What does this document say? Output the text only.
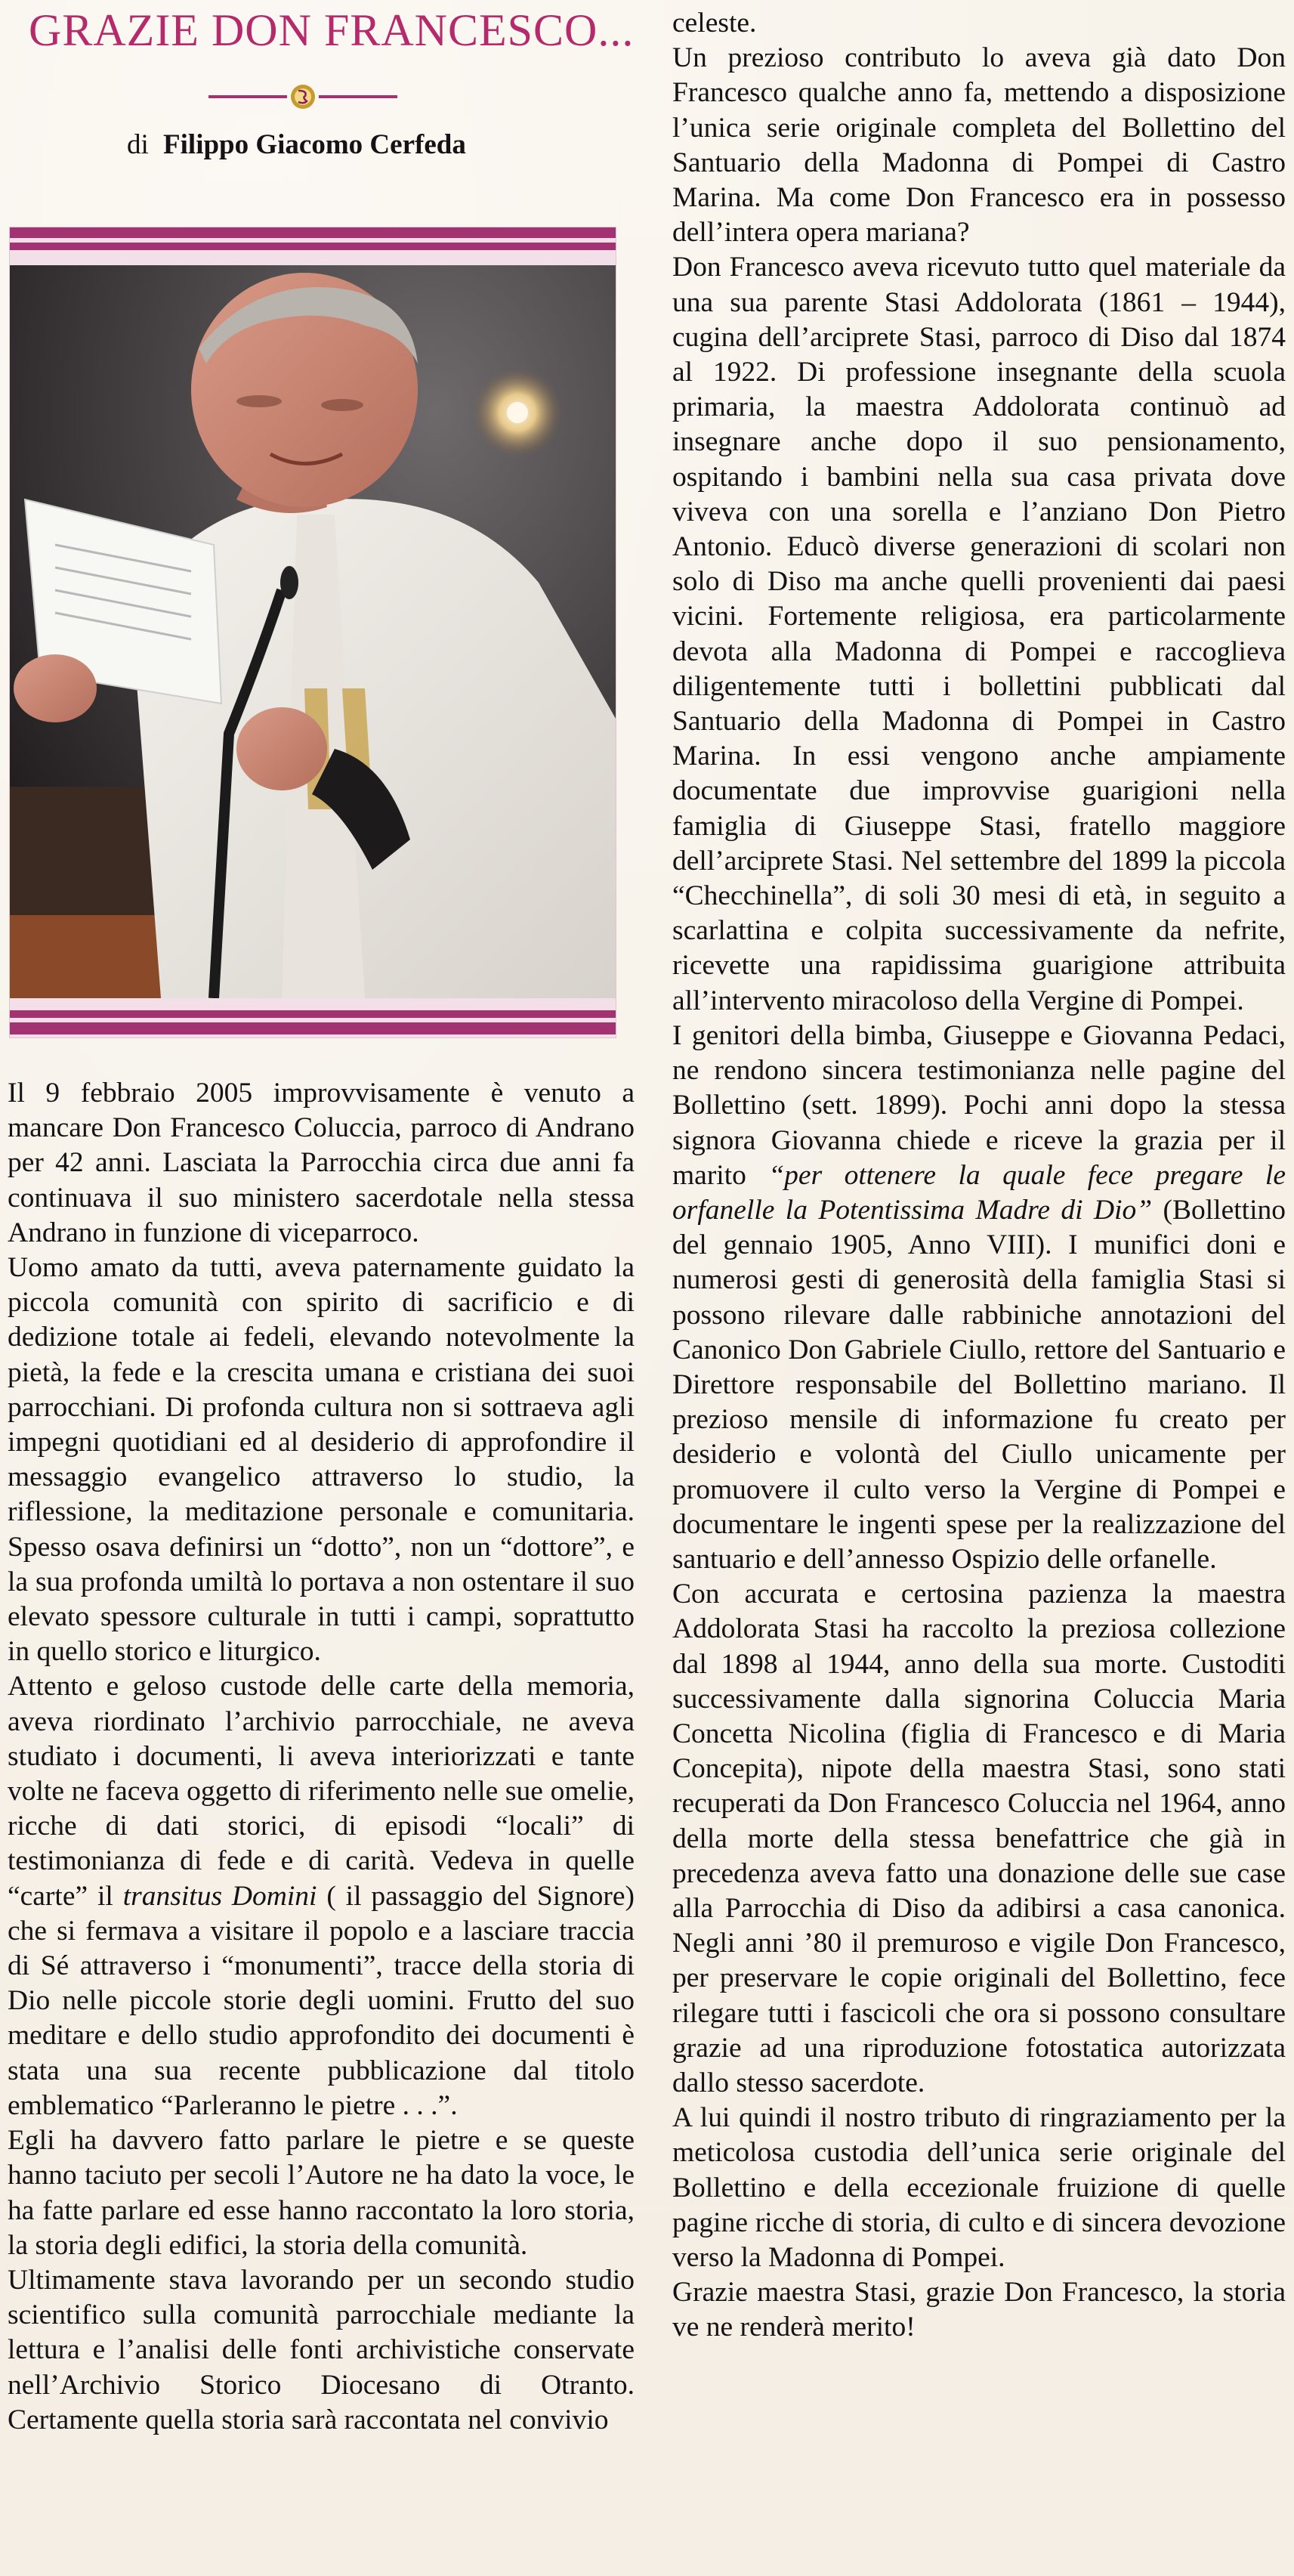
GRAZIE DON FRANCESCO...
di Filippo Giacomo Cerfeda

Il 9 febbraio 2005 improvvisamente è venuto a mancare Don Francesco Coluccia, parroco di Andrano per 42 anni. Lasciata la Parrocchia circa due anni fa continuava il suo ministero sacerdotale nella stessa Andrano in funzione di viceparroco.

Uomo amato da tutti, aveva paternamente guidato la piccola comunità con spirito di sacrificio e di dedizione totale ai fedeli, elevando notevolmente la pietà, la fede e la crescita umana e cristiana dei suoi parrocchiani. Di profonda cultura non si sottraeva agli impegni quotidiani ed al desiderio di approfondire il messaggio evangelico attraverso lo studio, la riflessione, la meditazione personale e comunitaria. Spesso osava definirsi un “dotto”, non un “dottore”, e la sua profonda umiltà lo portava a non ostentare il suo elevato spessore culturale in tutti i campi, soprattutto in quello storico e liturgico.

Attento e geloso custode delle carte della memoria, aveva riordinato l’archivio parrocchiale, ne aveva studiato i documenti, li aveva interiorizzati e tante volte ne faceva oggetto di riferimento nelle sue omelie, ricche di dati storici, di episodi “locali” di testimonianza di fede e di carità. Vedeva in quelle “carte” il transitus Domini ( il passaggio del Signore) che si fermava a visitare il popolo e a lasciare traccia di Sé attraverso i “monumenti”, tracce della storia di Dio nelle piccole storie degli uomini. Frutto del suo meditare e dello studio approfondito dei documenti è stata una sua recente pubblicazione dal titolo emblematico “Parleranno le pietre . . .”.

Egli ha davvero fatto parlare le pietre e se queste hanno taciuto per secoli l’Autore ne ha dato la voce, le ha fatte parlare ed esse hanno raccontato la loro storia, la storia degli edifici, la storia della comunità.

Ultimamente stava lavorando per un secondo studio scientifico sulla comunità parrocchiale mediante la lettura e l’analisi delle fonti archivistiche conservate nell’Archivio Storico Diocesano di Otranto. Certamente quella storia sarà raccontata nel convivio

celeste.

Un prezioso contributo lo aveva già dato Don Francesco qualche anno fa, mettendo a disposizione l’unica serie originale completa del Bollettino del Santuario della Madonna di Pompei di Castro Marina. Ma come Don Francesco era in possesso dell’intera opera mariana?

Don Francesco aveva ricevuto tutto quel materiale da una sua parente Stasi Addolorata (1861 – 1944), cugina dell’arciprete Stasi, parroco di Diso dal 1874 al 1922. Di professione insegnante della scuola primaria, la maestra Addolorata continuò ad insegnare anche dopo il suo pensionamento, ospitando i bambini nella sua casa privata dove viveva con una sorella e l’anziano Don Pietro Antonio. Educò diverse generazioni di scolari non solo di Diso ma anche quelli provenienti dai paesi vicini. Fortemente religiosa, era particolarmente devota alla Madonna di Pompei e raccoglieva diligentemente tutti i bollettini pubblicati dal Santuario della Madonna di Pompei in Castro Marina. In essi vengono anche ampiamente documentate due improvvise guarigioni nella famiglia di Giuseppe Stasi, fratello maggiore dell’arciprete Stasi. Nel settembre del 1899 la piccola “Checchinella”, di soli 30 mesi di età, in seguito a scarlattina e colpita successivamente da nefrite, ricevette una rapidissima guarigione attribuita all’intervento miracoloso della Vergine di Pompei.

I genitori della bimba, Giuseppe e Giovanna Pedaci, ne rendono sincera testimonianza nelle pagine del Bollettino (sett. 1899). Pochi anni dopo la stessa signora Giovanna chiede e riceve la grazia per il marito “per ottenere la quale fece pregare le orfanelle la Potentissima Madre di Dio” (Bollettino del gennaio 1905, Anno VIII). I munifici doni e numerosi gesti di generosità della famiglia Stasi si possono rilevare dalle rabbiniche annotazioni del Canonico Don Gabriele Ciullo, rettore del Santuario e Direttore responsabile del Bollettino mariano. Il prezioso mensile di informazione fu creato per desiderio e volontà del Ciullo unicamente per promuovere il culto verso la Vergine di Pompei e documentare le ingenti spese per la realizzazione del santuario e dell’annesso Ospizio delle orfanelle.

Con accurata e certosina pazienza la maestra Addolorata Stasi ha raccolto la preziosa collezione dal 1898 al 1944, anno della sua morte. Custoditi successivamente dalla signorina Coluccia Maria Concetta Nicolina (figlia di Francesco e di Maria Concepita), nipote della maestra Stasi, sono stati recuperati da Don Francesco Coluccia nel 1964, anno della morte della stessa benefattrice che già in precedenza aveva fatto una donazione delle sue case alla Parrocchia di Diso da adibirsi a casa canonica. Negli anni ’80 il premuroso e vigile Don Francesco, per preservare le copie originali del Bollettino, fece rilegare tutti i fascicoli che ora si possono consultare grazie ad una riproduzione fotostatica autorizzata dallo stesso sacerdote.

A lui quindi il nostro tributo di ringraziamento per la meticolosa custodia dell’unica serie originale del Bollettino e della eccezionale fruizione di quelle pagine ricche di storia, di culto e di sincera devozione verso la Madonna di Pompei.

Grazie maestra Stasi, grazie Don Francesco, la storia ve ne renderà merito!
